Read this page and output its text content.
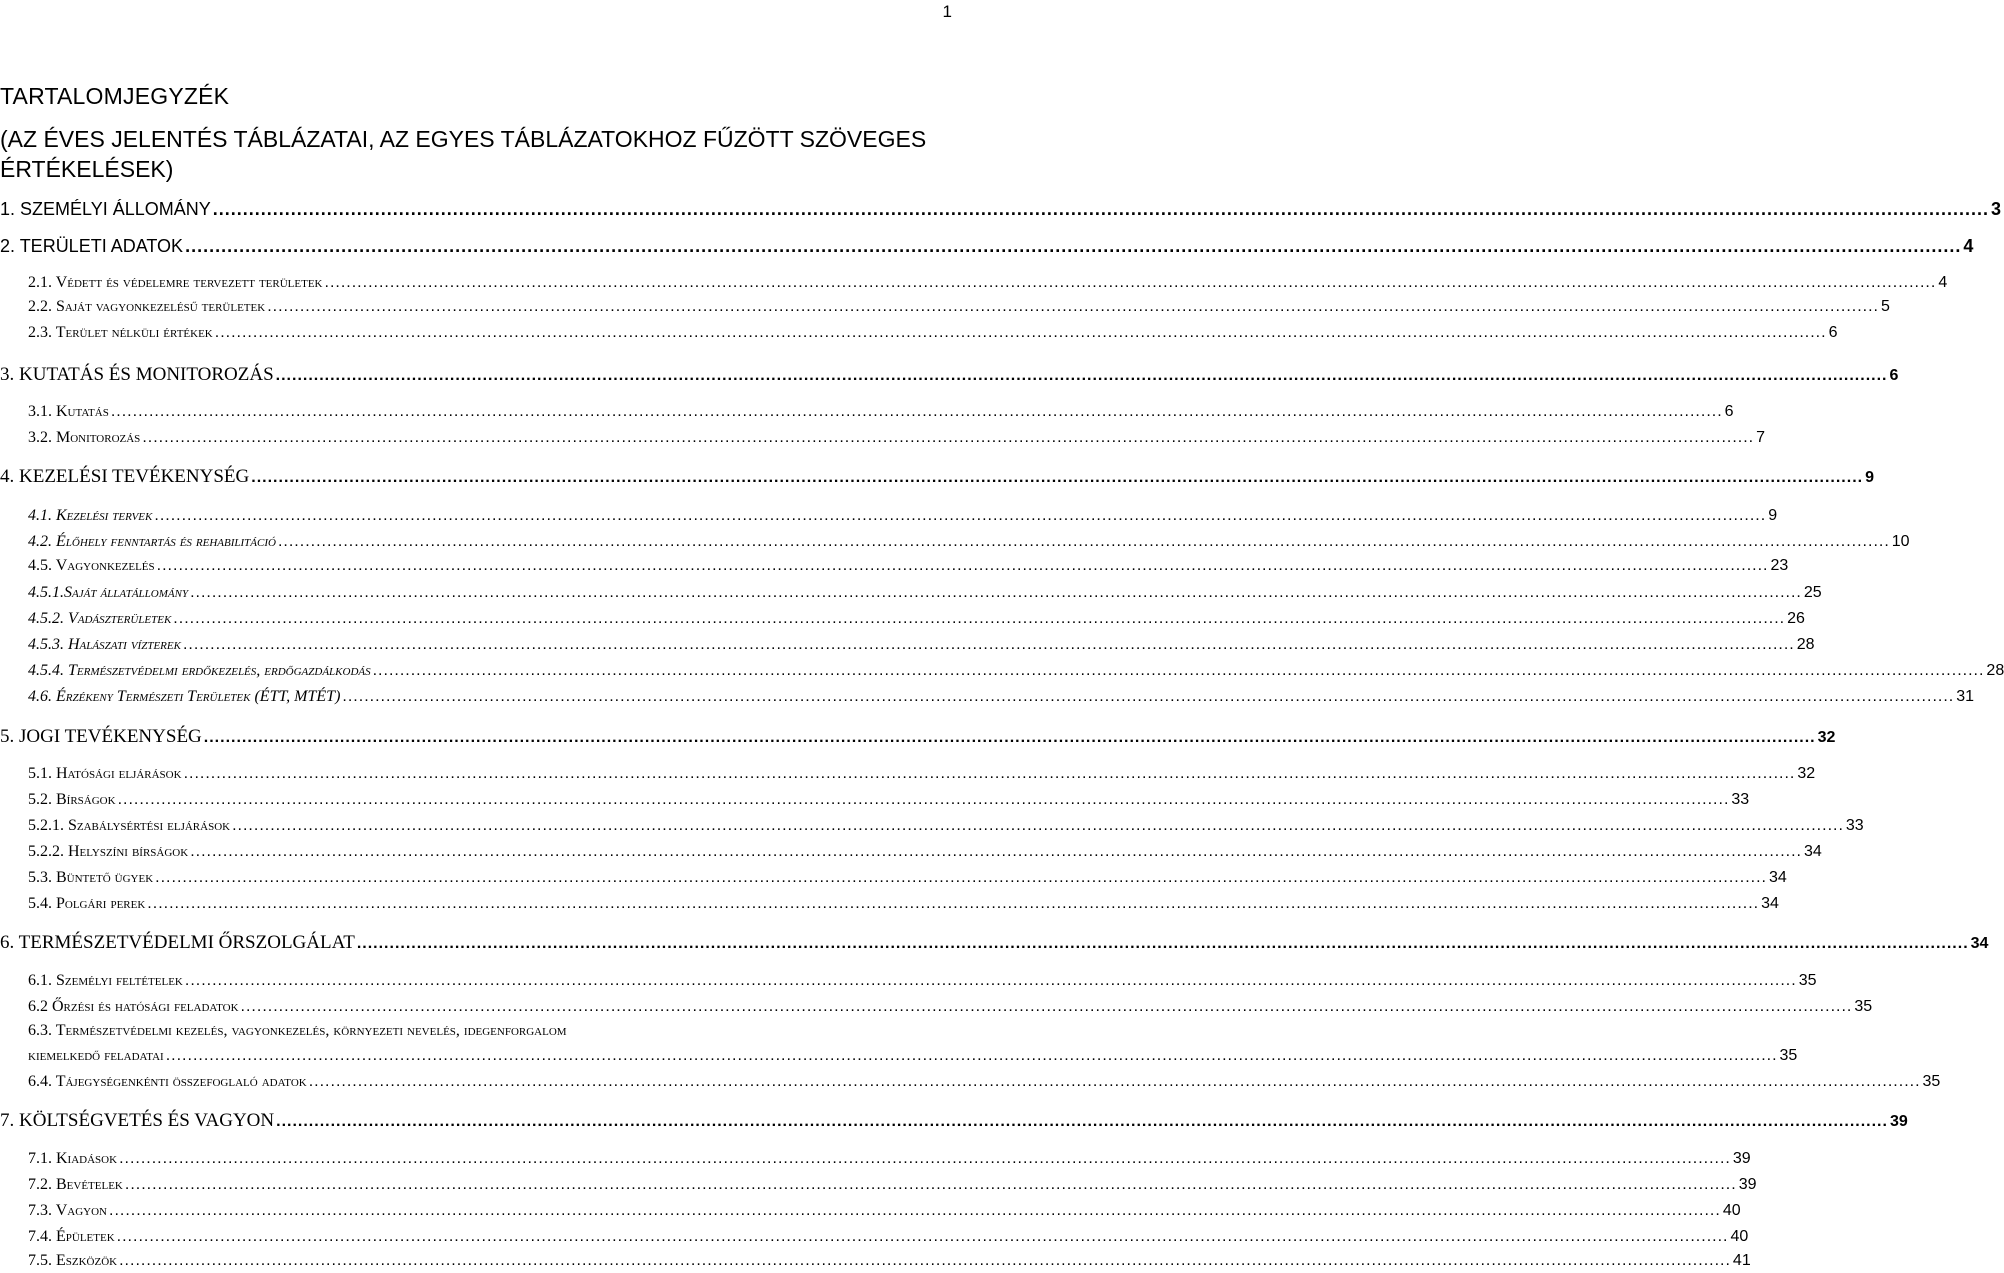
1
TARTALOMJEGYZÉK
(AZ ÉVES JELENTÉS TÁBLÁZATAI, AZ EGYES TÁBLÁZATOKHOZ FŰZÖTT SZÖVEGES ÉRTÉKELÉSEK)
1. SZEMÉLYI ÁLLOMÁNY .....	3
2. TERÜLETI ADATOK .....	4
2.1. Védett és védelemre tervezett területek .....	4
2.2. Saját vagyonkezelésű területek .....	5
2.3. Terület nélküli értékek .....	6
3. KUTATÁS ÉS MONITOROZÁS .....	6
3.1. Kutatás .....	6
3.2. Monitorozás .....	7
4. KEZELÉSI TEVÉKENYSÉG .....	9
4.1. Kezelési tervek .....	9
4.2. Élőhely fenntartás és rehabilitáció .....	10
4.5. Vagyonkezelés .....	23
4.5.1.Saját állatállomány .....	25
4.5.2. Vadászterületek .....	26
4.5.3. Halászati vízterek .....	28
4.5.4. Természetvédelmi erdőkezelés, erdőgazdálkodás .....	28
4.6. Érzékeny Természeti Területek (ÉTT, MTÉT) .....	31
5. JOGI TEVÉKENYSÉG .....	32
5.1. Hatósági eljárások .....	32
5.2. Bírságok .....	33
5.2.1. Szabálysértési eljárások .....	33
5.2.2. Helyszíni bírságok .....	34
5.3. Büntető ügyek .....	34
5.4. Polgári perek .....	34
6. TERMÉSZETVÉDELMI ŐRSZOLGÁLAT .....	34
6.1. Személyi feltételek .....	35
6.2 Őrzési és hatósági feladatok .....	35
6.3. Természetvédelmi kezelés, vagyonkezelés, környezeti nevelés, idegenforgalom
kiemelkedő feladatai .....	35
6.4. Tájegységenkénti összefoglaló adatok .....	35
7. KÖLTSÉGVETÉS ÉS VAGYON .....	39
7.1. Kiadások .....	39
7.2. Bevételek .....	39
7.3. Vagyon .....	40
7.4. Épületek .....	40
7.5. Eszközök .....	41
